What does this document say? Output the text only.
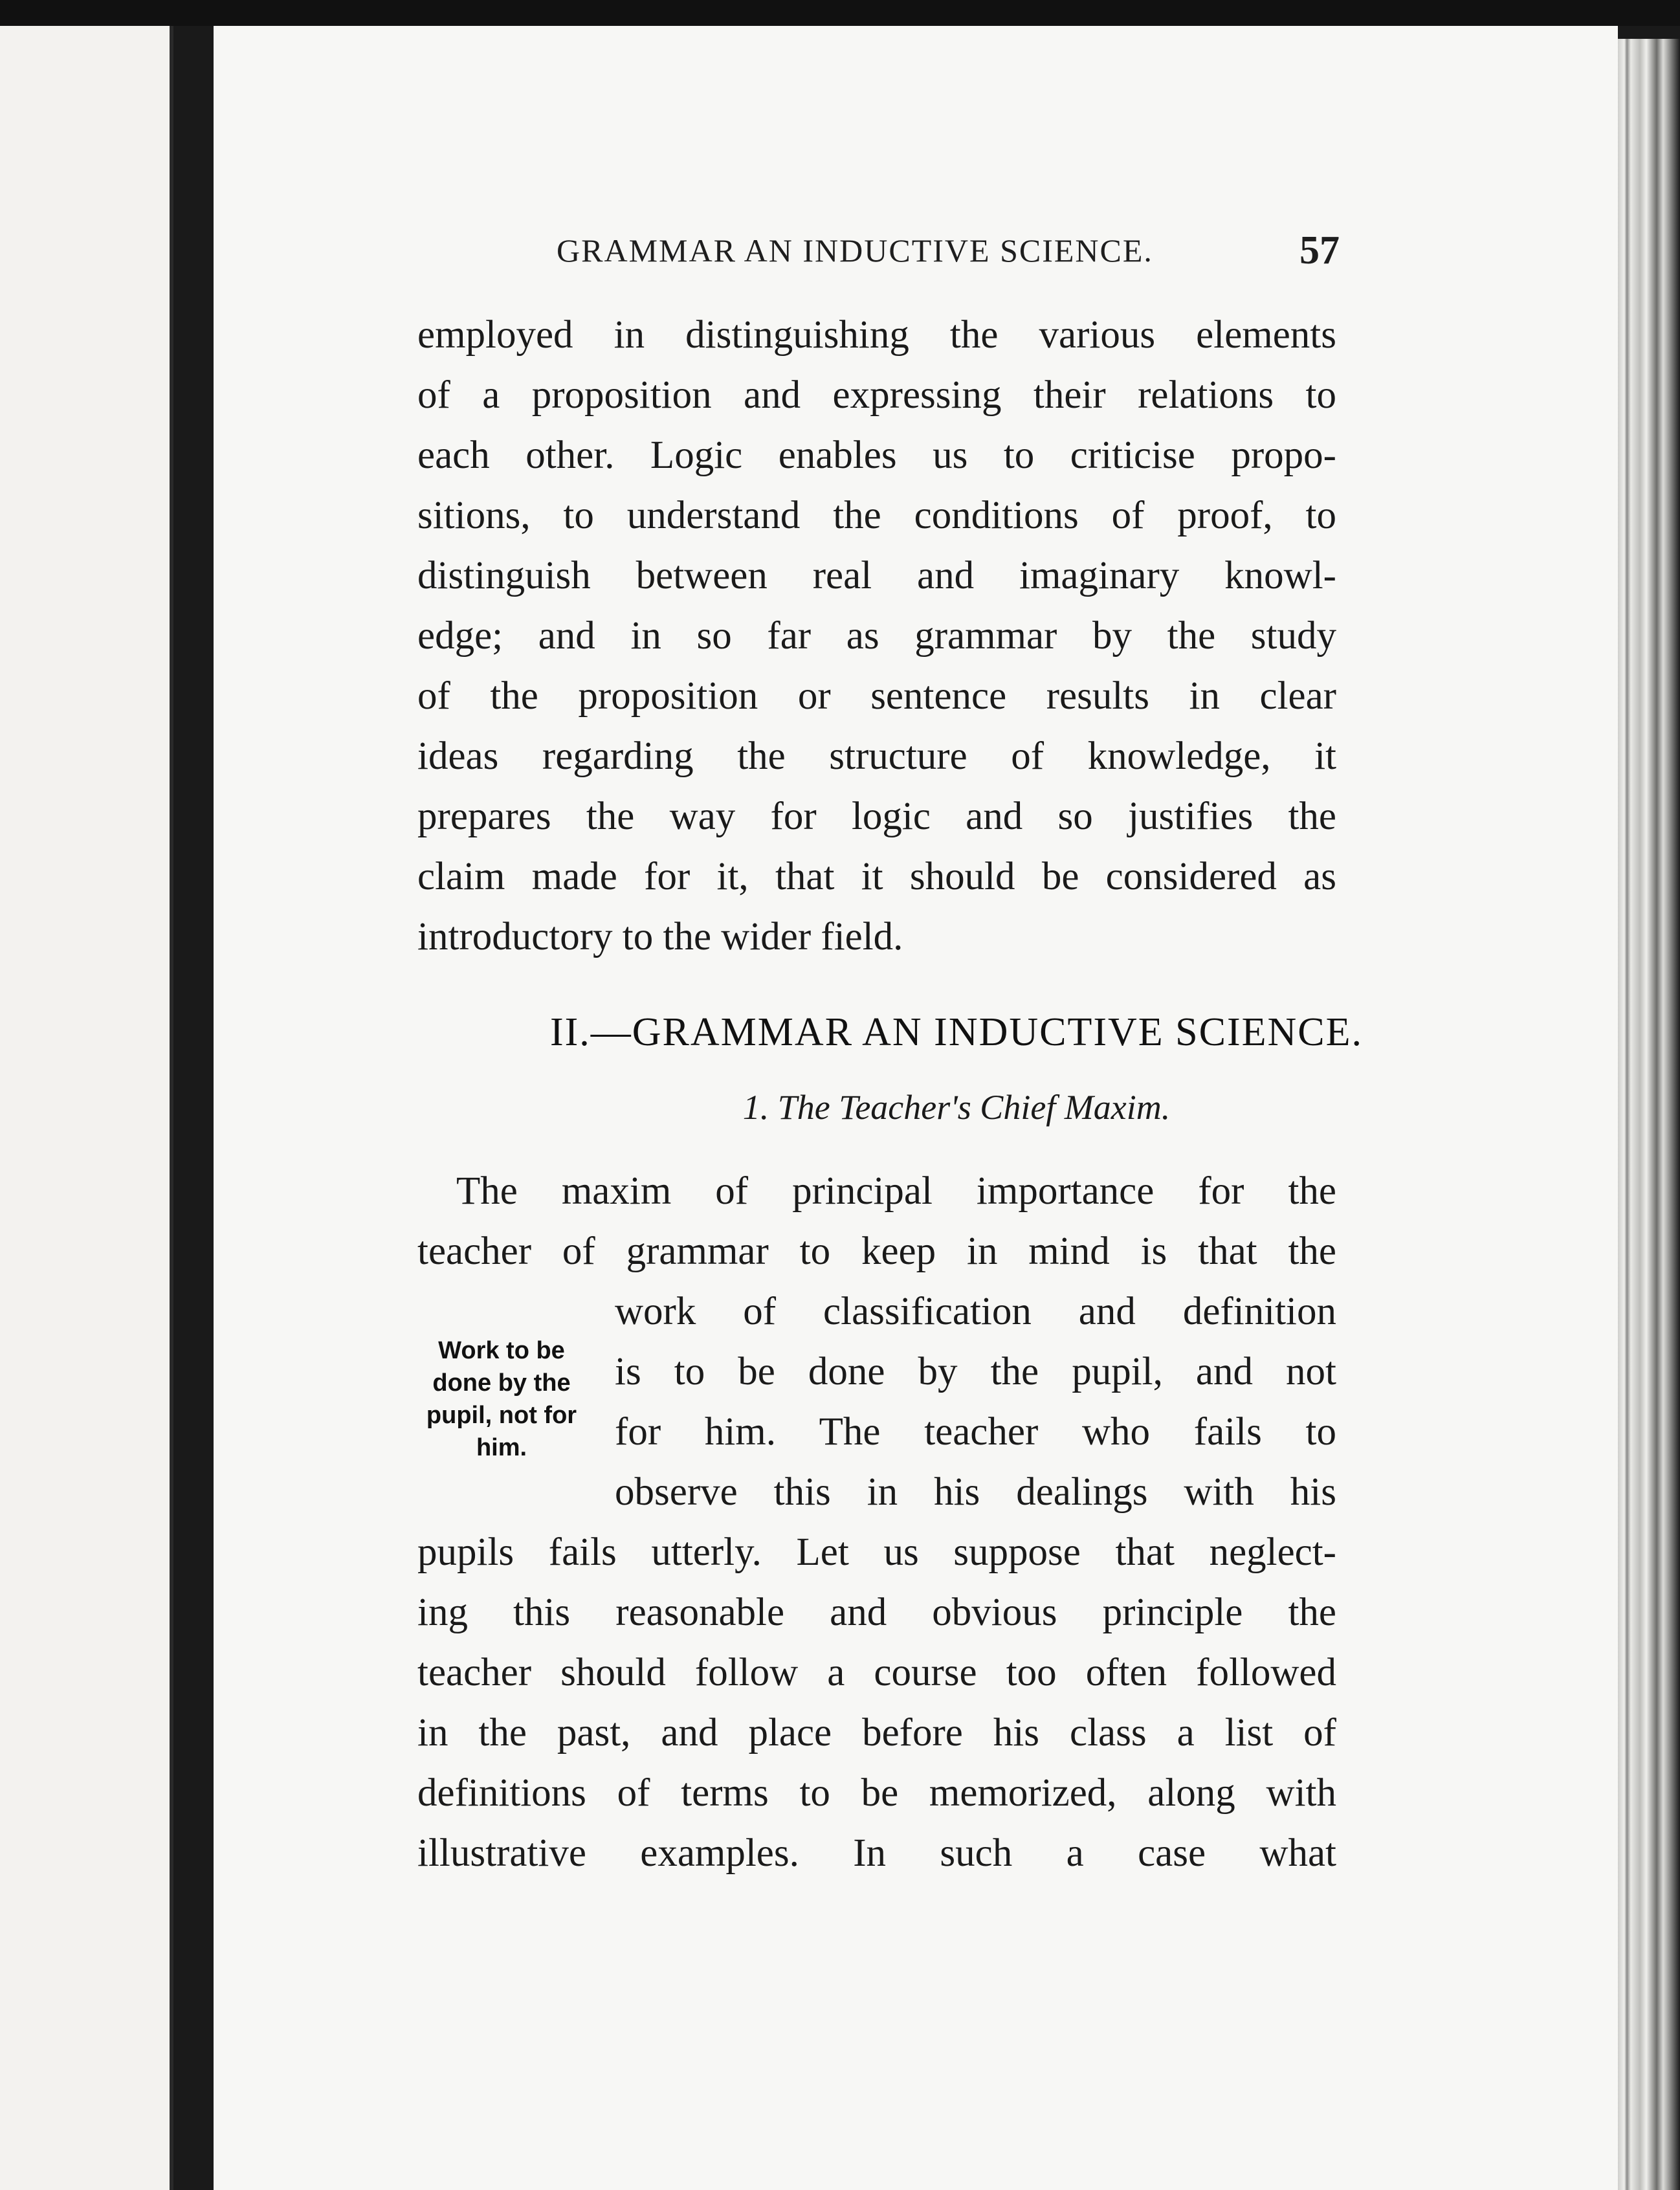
GRAMMAR AN INDUCTIVE SCIENCE.	57
employed in distinguishing the various elements
of a proposition and expressing their relations to
each other. Logic enables us to criticise propo-
sitions, to understand the conditions of proof, to
distinguish between real and imaginary knowl-
edge; and in so far as grammar by the study
of the proposition or sentence results in clear
ideas regarding the structure of knowledge, it
prepares the way for logic and so justifies the
claim made for it, that it should be considered as
introductory to the wider field.
II.—GRAMMAR AN INDUCTIVE SCIENCE.
1. The Teacher's Chief Maxim.
Work to be done by the pupil, not for him.
The maxim of principal importance for the
teacher of grammar to keep in mind is that the
work of classification and definition
is to be done by the pupil, and not
for him. The teacher who fails to
observe this in his dealings with his
pupils fails utterly. Let us suppose that neglect-
ing this reasonable and obvious principle the
teacher should follow a course too often followed
in the past, and place before his class a list of
definitions of terms to be memorized, along with
illustrative examples. In such a case what
